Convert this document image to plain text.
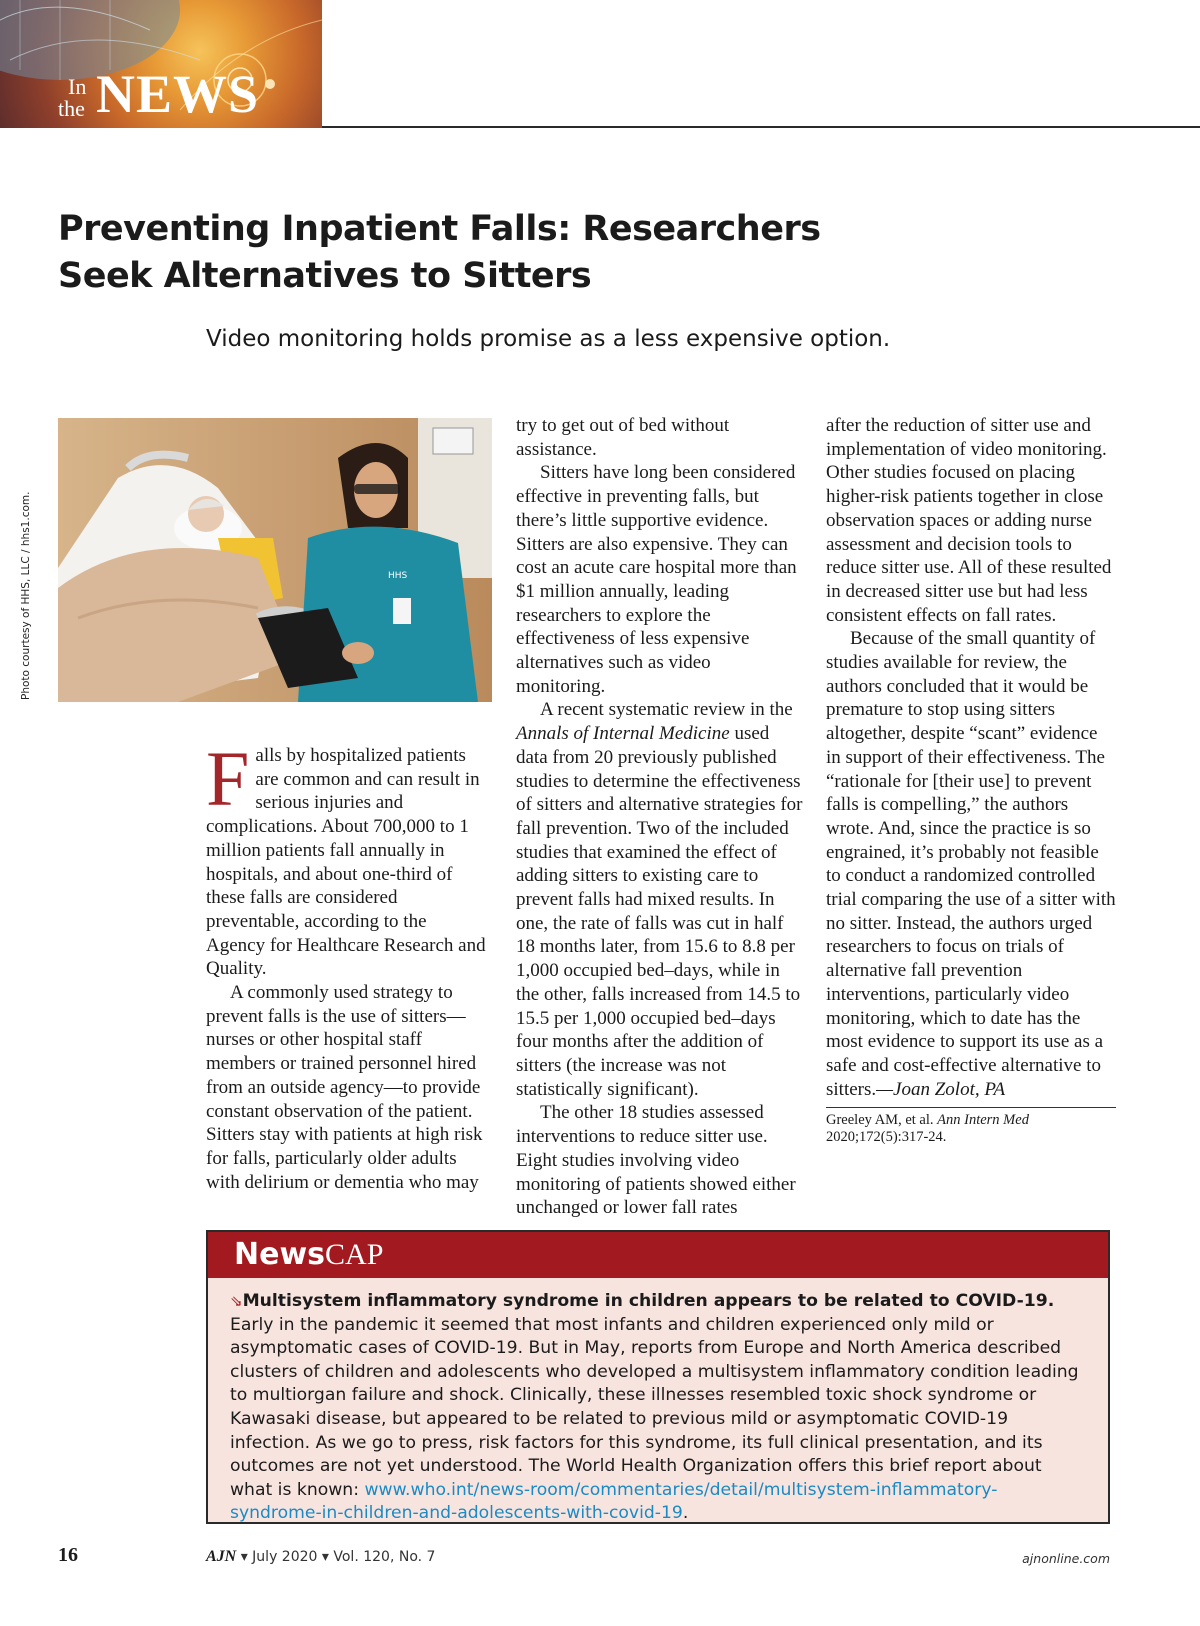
In
the NEWS
Preventing Inpatient Falls: Researchers Seek Alternatives to Sitters
Video monitoring holds promise as a less expensive option.
HHS
Photo courtesy of HHS, LLC / hhs1.com.

Falls by hospitalized patients are common and can result in serious injuries and complications. About 700,000 to 1 million patients fall annually in hospitals, and about one-third of these falls are considered preventable, according to the Agency for Healthcare Research and Quality.

A commonly used strategy to prevent falls is the use of sitters—nurses or other hospital staff members or trained personnel hired from an outside agency—to provide constant observation of the patient. Sitters stay with patients at high risk for falls, particularly older adults with delirium or dementia who may

try to get out of bed without assistance.

Sitters have long been considered effective in preventing falls, but there’s little supportive evidence. Sitters are also expensive. They can cost an acute care hospital more than $1 million annually, leading researchers to explore the effectiveness of less expensive alternatives such as video monitoring.

A recent systematic review in the Annals of Internal Medicine used data from 20 previously published studies to determine the effectiveness of sitters and alternative strategies for fall prevention. Two of the included studies that examined the effect of adding sitters to existing care to prevent falls had mixed results. In one, the rate of falls was cut in half 18 months later, from 15.6 to 8.8 per 1,000 occupied bed–days, while in the other, falls increased from 14.5 to 15.5 per 1,000 occupied bed–days four months after the addition of sitters (the increase was not statistically significant).

The other 18 studies assessed interventions to reduce sitter use. Eight studies involving video monitoring of patients showed either unchanged or lower fall rates

after the reduction of sitter use and implementation of video monitoring. Other studies focused on placing higher-risk patients together in close observation spaces or adding nurse assessment and decision tools to reduce sitter use. All of these resulted in decreased sitter use but had less consistent effects on fall rates.

Because of the small quantity of studies available for review, the authors concluded that it would be premature to stop using sitters altogether, despite “scant” evidence in support of their effectiveness. The “rationale for [their use] to prevent falls is compelling,” the authors wrote. And, since the practice is so engrained, it’s probably not feasible to conduct a randomized controlled trial comparing the use of a sitter with no sitter. Instead, the authors urged researchers to focus on trials of alternative fall prevention interventions, particularly video monitoring, which to date has the most evidence to support its use as a safe and cost-effective alternative to sitters.—Joan Zolot, PA

Greeley AM, et al. Ann Intern Med 2020;172(5):317-24.

NewsCAP
⇘Multisystem inflammatory syndrome in children appears to be related to COVID-19. Early in the pandemic it seemed that most infants and children experienced only mild or asymptomatic cases of COVID-19. But in May, reports from Europe and North America described clusters of children and adolescents who developed a multisystem inflammatory condition leading to multiorgan failure and shock. Clinically, these illnesses resembled toxic shock syndrome or Kawasaki disease, but appeared to be related to previous mild or asymptomatic COVID-19 infection. As we go to press, risk factors for this syndrome, its full clinical presentation, and its outcomes are not yet understood. The World Health Organization offers this brief report about what is known: www.who.int/news-room/commentaries/detail/multisystem-inflammatory-syndrome-in-children-and-adolescents-with-covid-19.
16	AJN ▾ July 2020 ▾ Vol. 120, No. 7	ajnonline.com
